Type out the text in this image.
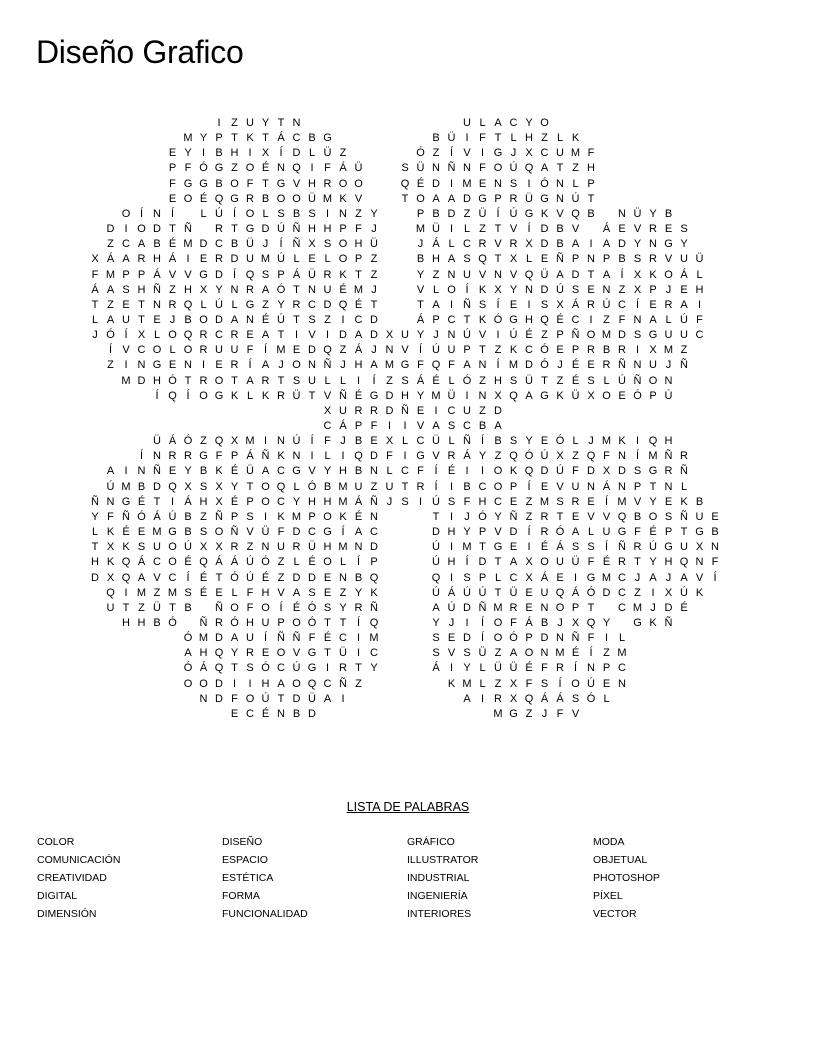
Diseño Grafico
I Z U Y T N	U L A C Y O
M Y P T K T Á C B G	B Ü I F T L H Z L K
E Y I B H I X Í D L Ü Z	Ó Z Í V I G J X C U M F
P F Ó G Z O É N Q I F Á Ü	S Ü N Ñ N F O Ú Q A T Z H
F G G B O F T G V H R O O	Q É D I M E N S I Ó N L P
E O É Q G R B O O Ü M K V	T O A A D G P R Ü G N Ú T
O Í N Í	L Ú Í O L S B S I N Z Y	P B D Z Ü Í Ú G K V Q B	N Ü Y B
D I O D T Ñ R T G D Ú Ñ H H P F J	M Ü I L Z T V Í D B V	Á E V R E S
Z C A B É M D C B Ü J	Í Ñ X S O H Ü	J Á L C R V R X D B A I A D Y N G Y
X Á A R H Á I E R D U M Ú L E L O P Z	B H A S Q T X L E Ñ P N P B S R V U Ü
F M P P Á V V G D Í Q S P Á Ü R K T Z	Y Z N U V N V Q Ü A D T A Í X K O Á L
Á A S H Ñ Z H X Y N R A Ó T N U É M J	V L O Í K X Y N D Ú S E N Z X P J E H
T Z E T N R Q L Ú L G Z Y R C D Q É T	T A I Ñ S Í E I S X Á R Ú C Í E R A I
L A U T E J B O D A N É Ú T S Z I C D	Á P C T K Ó G H Q É C I Z F N A L Ú F
J Ó Í X L O Q R C R E A T I V I D A D X U Y J N Ú V I Ú É Z P Ñ O M D S G U U C
Í V C O L O R U U F Í M E D Q Z Á J N V Í Ú U P T Z K C Ó E P R B R I X M Z
Z I N G E N I E R Í A J O N Ñ J H A M G F Q F A N Í M D Ó J É E R Ñ N U J Ñ
M D H Ó T R O T A R T S U L L I	Í Z S Á É L Ó Z H S Ü T Z É S L Ú Ñ O N
Í Q Í O G K L K R Ü T V Ñ É G D H Y M Ü I N X Q A G K Ü X O E Ó P Ú
X U R R D Ñ E I C U Z D
C Á P F I	I V A S C B A
Ü Á Ó Z Q X M I N Ú Í F J B E X L C Ü L Ñ Í B S Y E Ó L J M K I Q H
Í N R R G F P Á Ñ K N I L I Q D F I G V R Á Y Z Q Ó Ú X Z Q F N Í M Ñ R
A I N Ñ E Y B K É Ü A C G V Y H B N L C F Í É I	I O K Q D Ú F D X D S G R Ñ
Ú M B D Q X S X Y T O Q L Ó B M U Z U T R Í	I B C O P Í E V U N Á N P T N L
Ñ N G É T I Á H X É P O C Y H H M Á Ñ J S I Ú S F H C E Z M S R E Í M V Y E K B
Y F Ñ Ó Á Ú B Z Ñ P S I K M P O K É N	T I	J Ó Y Ñ Z R T E V V Q B O S Ñ U E
L K É E M G B S O Ñ V Ü F D C G Í A C	D H Y P V D Í R Ó A L U G F É P T G B
T X K S U O Ú X X R Z N U R Ü H M N D	Ú I M T G E I É Á S S Í Ñ R Ú G U X N
H K Q Á C O É Q Á Á Ú Ó Z L É O L Í P	Ú H Í D T A X O U Ü F É R T Y H Q N F
D X Q A V C Í É T Ó Ú É Z D D E N B Q	Q I S P L C X Á E I G M C J A J A V Í
Q I M Z M S É E L F H V A S E Z Y K	Ú Á Ú Ú T Ü E U Q Á Ó D C Z I X Ú K
U T Z Ü T B	Ñ O F O Í É Ó S Y R Ñ	A Ú D Ñ M R E N O P T	C M J D É
H H B Ó Ñ R Ó H U P O Ó T T Í Q	Y J	I	Í O F Á B J X Q Y	G K Ñ
Ó M D A U Í Ñ Ñ F É C I M	S E D Í O Ó P D N Ñ F I L
A H Q Y R E O V G T Ü I C	S V S Ü Z A O N M É Í Z M
Ó Á Q T S Ó C Ú G I R T Y	Á I Y L Ü Ü É F R Í N P C
O O D I	I H A O Q C Ñ Z	K M L Z X F S Í O Ú E N
N D F O Ú T D Ü A I	A I R X Q Á Á S Ó L
E C É N B D	M G Z J F V
LISTA DE PALABRAS
COLOR
COMUNICACIÓN
CREATIVIDAD
DIGITAL
DIMENSIÓN
DISEÑO
ESPACIO
ESTÉTICA
FORMA
FUNCIONALIDAD
GRÁFICO
ILLUSTRATOR
INDUSTRIAL
INGENIERÍA
INTERIORES
MODA
OBJETUAL
PHOTOSHOP
PÍXEL
VECTOR
